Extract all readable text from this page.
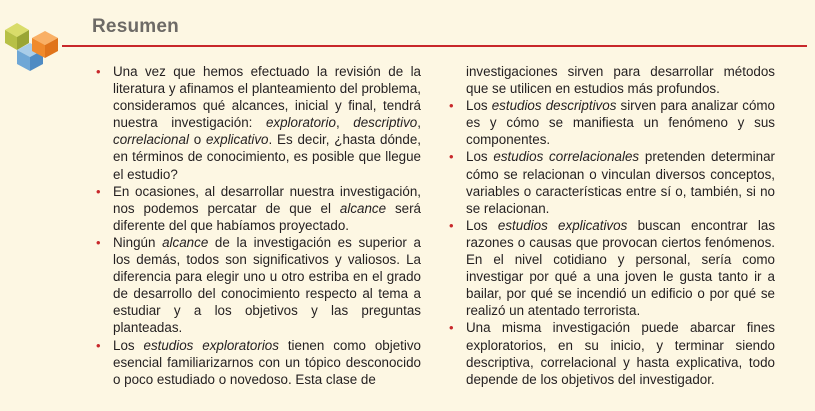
Resumen
• Una vez que hemos efectuado la revisión de la literatura y afinamos el planteamiento del problema, consideramos qué alcances, inicial y final, tendrá nuestra investigación: exploratorio, descriptivo, correlacional o explicativo. Es decir, ¿hasta dónde, en términos de conocimiento, es posible que llegue el estudio?
• En ocasiones, al desarrollar nuestra investigación, nos podemos percatar de que el alcance será diferente del que habíamos proyectado.
• Ningún alcance de la investigación es superior a los demás, todos son significativos y valiosos. La diferencia para elegir uno u otro estriba en el grado de desarrollo del conocimiento respecto al tema a estudiar y a los objetivos y las preguntas planteadas.
• Los estudios exploratorios tienen como objetivo esencial familiarizarnos con un tópico desconocido o poco estudiado o novedoso. Esta clase de
investigaciones sirven para desarrollar métodos que se utilicen en estudios más profundos.
• Los estudios descriptivos sirven para analizar cómo es y cómo se manifiesta un fenómeno y sus componentes.
• Los estudios correlacionales pretenden determinar cómo se relacionan o vinculan diversos conceptos, variables o características entre sí o, también, si no se relacionan.
• Los estudios explicativos buscan encontrar las razones o causas que provocan ciertos fenómenos. En el nivel cotidiano y personal, sería como investigar por qué a una joven le gusta tanto ir a bailar, por qué se incendió un edificio o por qué se realizó un atentado terrorista.
• Una misma investigación puede abarcar fines exploratorios, en su inicio, y terminar siendo descriptiva, correlacional y hasta explicativa, todo depende de los objetivos del investigador.
